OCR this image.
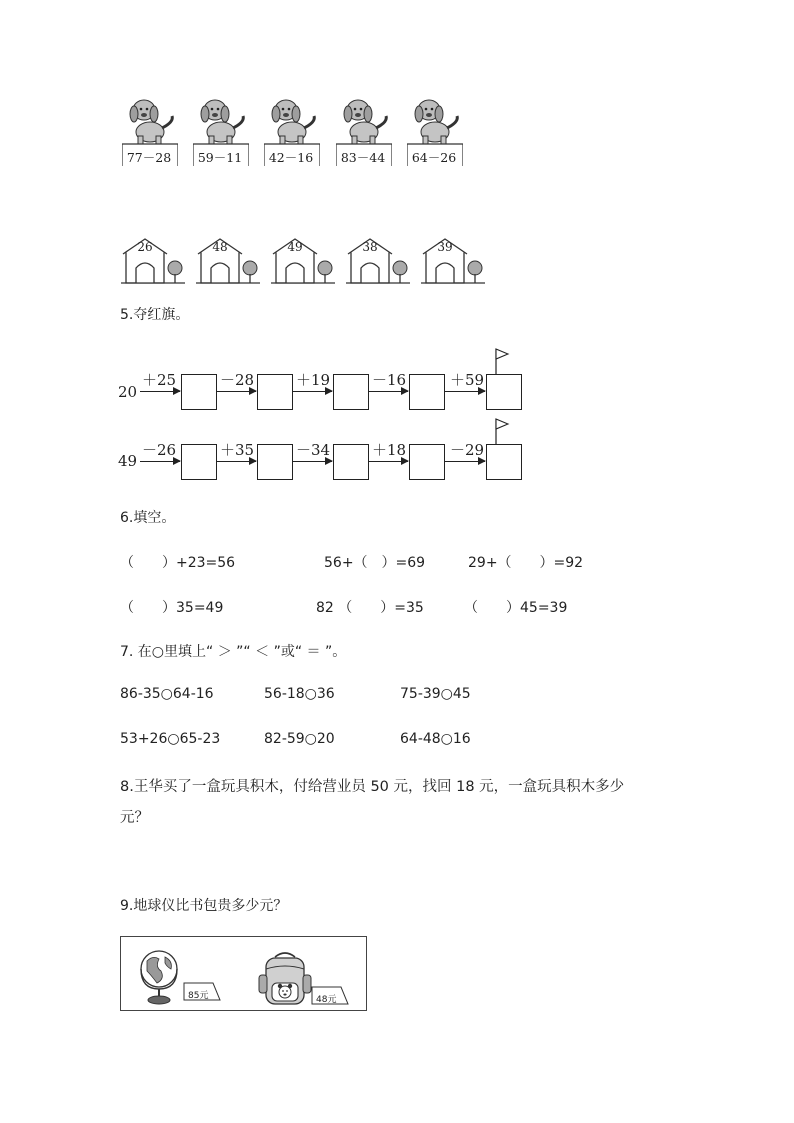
77－28	59－11	42－16	83－44	64－26
26	48	49	38	39
5.夺红旗。
20
＋25	－28	＋19	－16	＋59
49
－26	＋35	－34	＋18	－29
6.填空。
（　　）+23=56	56+（　）=69	29+（　　）=92
（　　）35=49	82 （　　）=35	（　　）45=39
7. 在○里填上“ ＞ ”“ ＜ ”或“ ＝ ”。
86-35○64-16	56-18○36	75-39○45
53+26○65-23	82-59○20	64-48○16
8.王华买了一盒玩具积木，付给营业员 50 元，找回 18 元，一盒玩具积木多少
元？
9.地球仪比书包贵多少元？
85元	48元
